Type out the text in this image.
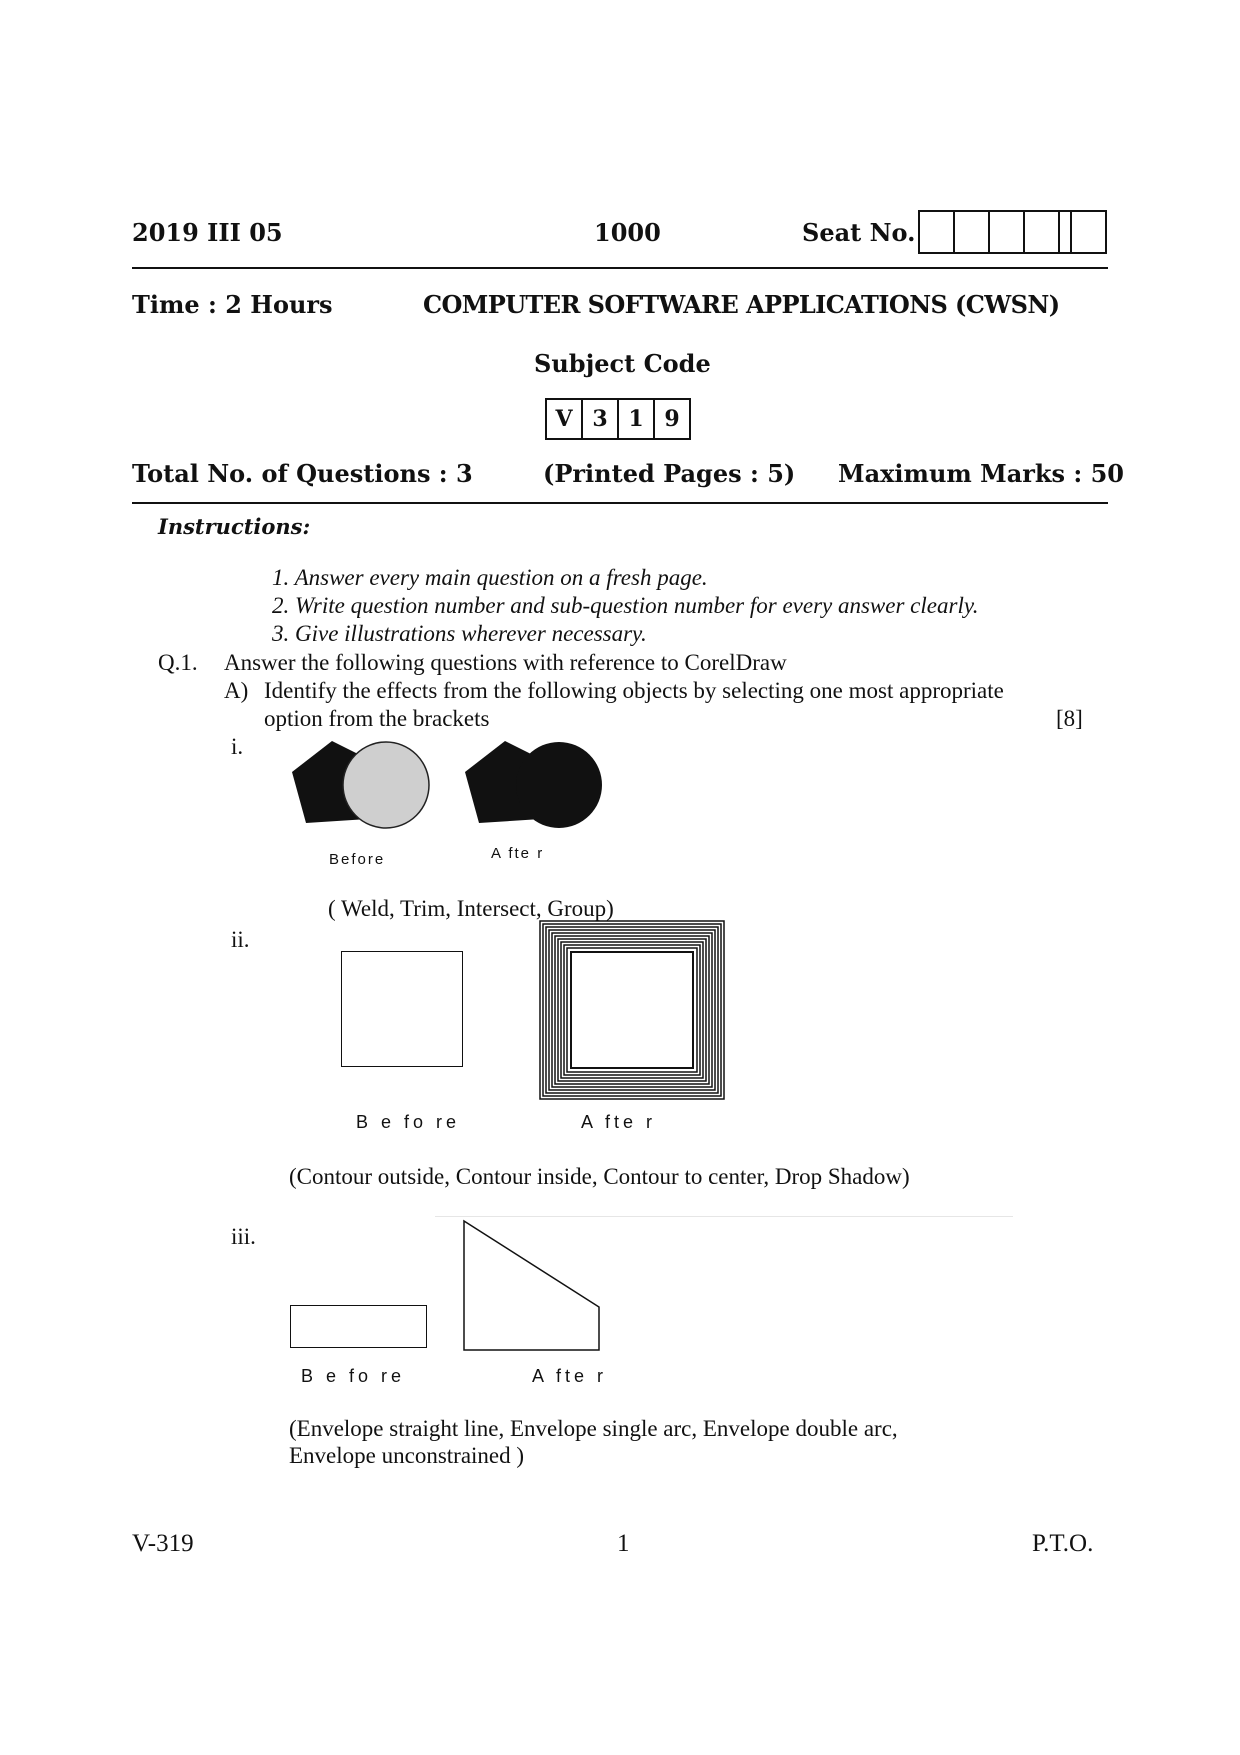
2019 III 05	1000	Seat No.
Time : 2 Hours	COMPUTER SOFTWARE APPLICATIONS (CWSN)
Subject Code
V 3 1 9
Total No. of Questions : 3	(Printed Pages : 5) Maximum Marks : 50
Instructions:
1. Answer every main question on a fresh page.
2. Write question number and sub-question number for every answer clearly.
3. Give illustrations wherever necessary.
Q.1. Answer the following questions with reference to CorelDraw
A) Identify the effects from the following objects by selecting one most appropriate
option from the brackets	[8]
i.
Before	A fte r
( Weld, Trim, Intersect, Group)
ii.
B e fo re	A fte r
(Contour outside, Contour inside, Contour to center, Drop Shadow)
iii.
B e fo re	A fte r
(Envelope straight line, Envelope single arc, Envelope double arc,
Envelope unconstrained )
V-319	1	P.T.O.
